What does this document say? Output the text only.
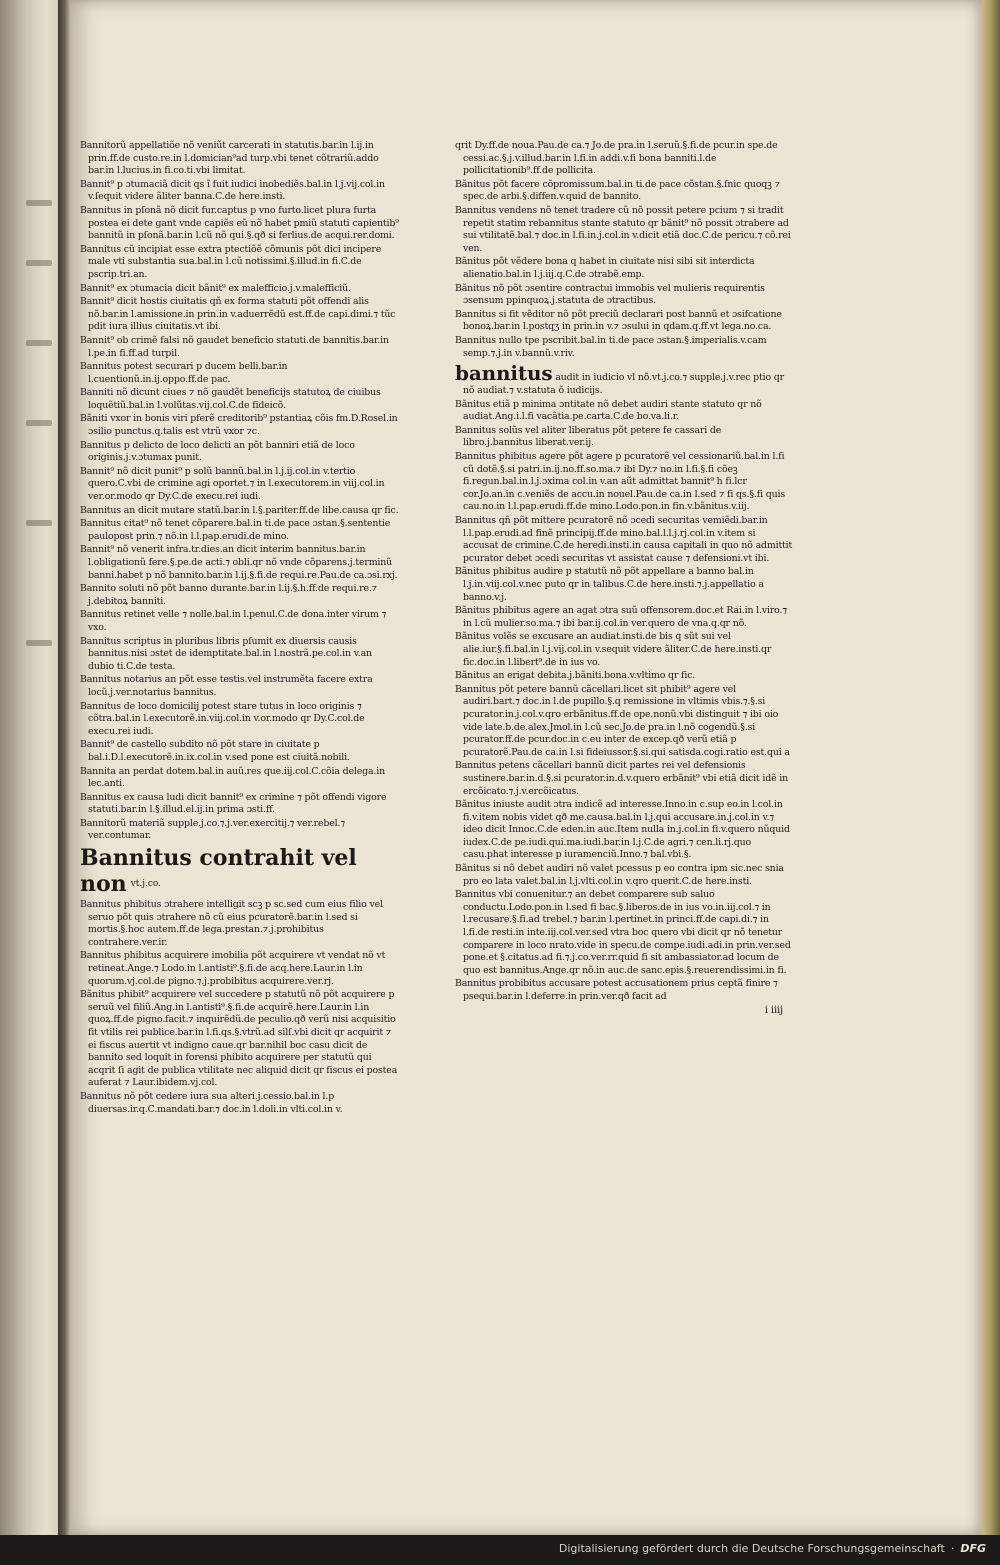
Bannitorũ appellatiõe nõ veniũt carcerati in statutis.bar.in l.ij.in prin.ff.de custo.re.in l.domician⁹ad turp.vbi tenet cõtrariũ.addo bar.in l.lucius.in fi.co.ti.vbi limitat.

Bannit⁹ p ɔtumaciã dicit qs ĩ fuit iudici inobediẽs.bal.in l.j.vij.col.in v.ſequit videre ãliter banna.C.de here.insti.

Bannitus in pſonã nõ dicit fur.captus p vno furto.licet plura furta postea ei dete gant vnde capiẽs eũ nõ habet pmiũ statuti capientib⁹ bannitũ in pſonã.bar.in l.cũ nõ qui.§.qð si ferlius.de acqui.rer.domi.

Bannitus cũ incipiat esse extra ptectiõẽ cõmunis põt dici incipere male vti substantia sua.bal.in l.cũ notissimi.§.illud.in fi.C.de pscrip.tri.an.

Bannit⁹ ex ɔtumacia dicit bãnit⁹ ex malefficio.j.v.malefficiũ.

Bannit⁹ dicit hostis ciuitatis qñ ex forma statuti põt offendi alis nõ.bar.in l.amissione.in prin.in v.aduerrẽdũ est.ff.de capi.dimi.⁊ tũc pdit iura illius ciuitatis.vt ibi.

Bannit⁹ ob crimẽ falsi nõ gaudet beneficio statuti.de bannitis.bar.in l.pe.in fi.ff.ad turpil.

Bannitus potest securari p ducem belli.bar.in l.cuentionũ.in.ij.oppo.ff.de pac.

Banniti nõ dicunt ciues ⁊ nõ gaudẽt beneficijs statutoꝝ de ciuibus loquẽtiũ.bal.in l.volũtas.vij.col.C.de fideicõ.

Bãniti vxor in bonis viri pferẽ creditorib⁹ pstantiaꝝ cõis fm.D.Rosel.in ɔsilio punctus.q.talis est vtrũ vxor ⁊c.

Bannitus p delicto de loco delicti an põt banniri etiã de loco originis.j.v.ɔtumax punit.

Bannit⁹ nõ dicit punit⁹ p solũ bannũ.bal.in l.j.ij.col.in v.tertio quero.C.vbi de crimine agi oportet.⁊ in l.executorem.in viij.col.in ver.or.modo qr Dy.C.de execu.rei iudi.

Bannitus an dicit mutare statũ.bar.in l.§.pariter.ff.de libe.causa qr fic.

Bannitus citat⁹ nõ tenet cõparere.bal.in ti.de pace ɔstan.§.sententie paulopost prin.⁊ nõ.in l.l.pap.erudi.de mino.

Bannit⁹ nõ venerit infra.tr.dies.an dicit interim bannitus.bar.in l.obligationũ fere.§.pe.de acti.⁊ obli.qr nõ vnde cõparens.j.terminũ banni.habet p nõ bannito.bar.in l.ij.§.fi.de requi.re.Pau.de ca.ɔsi.rxj.

Bannito soluti nõ põt banno durante.bar.in l.ij.§.h.ff.de requi.re.⁊ j.debitoꝝ banniti.

Bannitus retinet velle ⁊ nolle.bal.in l.penul.C.de dona.inter virum ⁊ vxo.

Bannitus scriptus in pluribus libris pſumit ex diuersis causis bannitus.nisi ɔstet de idemptitate.bal.in l.nostrã.pe.col.in v.an dubio ti.C.de testa.

Bannitus notarius an põt esse testis.vel instrumẽta facere extra locũ.j.ver.notarius bannitus.

Bannitus de loco domicilij potest stare tutus in loco originis ⁊ cõtra.bal.in l.executorẽ.in.viij.col.in v.or.modo qr Dy.C.col.de execu.rei iudi.

Bannit⁹ de castello subdito nõ põt stare in ciuitate p bal.i.D.l.executorẽ.in.ix.col.in v.sed pone est ciuitã.nobili.

Bannita an perdat dotem.bal.in auũ.res que.iij.col.C.cõia delega.in lec.anti.

Bannitus ex causa ludi dicit bannit⁹ ex crimine ⁊ põt offendi vigore statuti.bar.in l.§.illud.el.ij.in prima ɔsti.ff.

Bannitorũ materiã supple.j.co.⁊.j.ver.exercitij.⁊ ver.rebel.⁊ ver.contumar.

Bannitus contrahit vel non $^{vt.j.co.}$

Bannitus phibitus ɔtrahere intelligit scꝫ p sc.sed cum eius filio vel seruo põt quis ɔtrahere nõ cũ eius pcuratorẽ.bar.in l.sed si mortis.§.hoc autem.ff.de lega.prestan.⁊.j.prohibitus contrahere.ver.ir.

Bannitus phibitus acquirere imobilia põt acquirere vt vendat nõ vt retineat.Ange.⁊ Lodo.in l.antisti⁹.§.fi.de acq.here.Laur.in l.in quorum.vj.col.de pigno.⁊.j.probibitus acquirere.ver.rj.

Bãnitus phibit⁹ acquirere vel succedere p statutũ nõ põt acquirere p seruũ vel filiũ.Ang.in l.antisti⁹.§.fi.de acquirẽ.here.Laur.in l.in quoꝝ.ff.de pigno.facit.⁊ inquirẽdũ.de peculio.qð verũ nisi acquisitio fit vtilis rei publice.bar.in l.fi.qs.§.vtrũ.ad silſ.vbi dicit qr acquirit ⁊ ei fiscus auertit vt indigno caue.qr bar.nihil boc casu dicit de bannito sed loquit in forensi phibito acquirere per statutũ qui acqrit ſi agit de publica vtilitate nec aliquid dicit qr fiscus ei postea auferat ⁊ Laur.ibidem.vj.col.

Bannitus nõ põt cedere iura sua alteri.j.cessio.bal.in l.p diuersas.ir.q.C.mandati.bar.⁊ doc.in l.doli.in vlti.col.in v.

qrit Dy.ff.de noua.Pau.de ca.⁊ Jo.de pra.in l.seruũ.§.fi.de pcur.in spe.de cessi.ac.§.j.v.illud.bar.in l.fi.in addi.v.fi bona banniti.l.de pollicitationib⁹.ff.de pollicita.

Bãnitus põt facere cõpromissum.bal.in ti.de pace cõstan.§.ſnic quoqꝫ ⁊ spec.de arbi.§.diffen.v.quid de bannito.

Bannitus vendens nõ tenet tradere cũ nõ possit petere pcium ⁊ si tradit repetit statim rebannitus stante statuto qr bãnit⁹ nõ possit ɔtrabere ad sui vtilitatẽ.bal.⁊ doc.in l.fi.in.j.col.in v.dicit etiã doc.C.de pericu.⁊ cõ.rei ven.

Bãnitus põt vẽdere bona q habet in ciuitate nisi sibi sit interdicta alienatio.bal.in l.j.iij.q.C.de ɔtrabẽ.emp.

Bãnitus nõ põt ɔsentire contractui immobis vel mulieris requirentis ɔsensum ppinquoꝝ.j.statuta de ɔtractibus.

Bannitus si fit vẽditor nõ põt preciũ declarari post bannũ et ɔsifcatione bonoꝝ.bar.in l.postqʒ in prin.in v.⁊ ɔsului in qdam.q.ff.vt lega.no.ca.

Bannitus nullo tpe pscribit.bal.in ti.de pace ɔstan.§.imperialis.v.cam semp.⁊.j.in v.bannũ.v.riv.

bannitus audit in iudicio vl nõ.vt.j.co.⁊ supple.j.v.rec ptio qr nõ audiat.⁊ v.statuta õ iudicijs.

Bãnitus etiã p minima ɔntitate nõ debet audiri stante statuto qr nõ audiat.Ang.i.l.fi vacãtia.pe.carta.C.de bo.va.li.r.

Bannitus solũs vel aliter liberatus põt petere fe cassari de libro.j.bannitus liberat.ver.ij.

Bannitus phibitus agere põt agere p pcuratorẽ vel cessionariũ.bal.in l.fi cũ dotẽ.§.si patri.in.ij.no.ff.so.ma.⁊ ibi Dy.⁊ no.in l.fi.§.fi cõeꝫ fi.regun.bal.in.l.j.ɔxima col.in v.an aũt admittat bannit⁹ h fi.lcr cor.Jo.an.in c.veniẽs de accu.in nouel.Pau.de ca.in l.sed ⁊ fi qs.§.fi quis cau.no.in l.l.pap.erudi.ff.de mino.Lodo.pon.in fin.v.bãnitus.v.iij.

Bannitus qñ põt mittere pcuratorẽ nõ ɔcedi securitas vemiẽdi.bar.in l.l.pap.erudi.ad finẽ principij.ff.de mino.bal.l.l.j.rj.col.in v.item si accusat de crimine.C.de heredi.insti.in causa capitali in quo nõ admittit pcurator debet ɔcedi securitas vt assistat cause ⁊ defensioni.vt ibi.

Bãnitus phibitus audire p statutũ nõ põt appellare a banno bal.in l.j.in.viij.col.v.nec puto qr in talibus.C.de here.insti.⁊.j.appellatio a banno.v.j.

Bãnitus phibitus agere an agat ɔtra suũ offensorem.doc.et Rai.in l.viro.⁊ in l.cũ mulier.so.ma.⁊ ibi bar.ij.col.in ver.quero de vna.q.qr nõ.

Bãnitus volẽs se excusare an audiat.insti.de bis q sũt sui vel alie.iur.§.fi.bal.in l.j.vij.col.in v.sequit videre ãliter.C.de here.insti.qr fic.doc.in l.libert⁹.de in ius vo.

Bãnitus an erigat debita.j.bãniti.bona.v.vltimo qr fic.

Bannitus põt petere bannũ cãcellari.licet sit phibit⁹ agere vel audiri.bart.⁊ doc.in l.de pupillo.§.q remissione in vltimis vbis.⁊.§.si pcurator.in.j.col.v.qro erbãnitus.ff.de ope.nonũ.vbi distinguit ⁊ ibi oio vide late.b.de.alex.Jmol.in l.cũ sec.Jo.de pra.in l.nõ cogendũ.§.si pcurator.ff.de pcur.doc.in c.eu inter de excep.qð verũ etiã p pcuratorẽ.Pau.de ca.in l.si fideiussor.§.si.qui satisda.cogi.ratio est.qui a

Bannitus petens cãcellari bannũ dicit partes rei vel defensionis sustinere.bar.in.d.§.si pcurator.in.d.v.quero erbãnit⁹ vbi etiã dicit idẽ in ercõicato.⁊.j.v.ercõicatus.

Bãnitus iniuste audit ɔtra indicẽ ad interesse.Inno.in c.sup eo.in l.col.in fi.v.item nobis videt qð me.causa.bal.in l.j.qui accusare.in.j.col.in v.⁊ ideo dicit Innoc.C.de eden.in auc.Item nulla in.j.col.in fi.v.quero nũquid iudex.C.de pe.iudi.qui.ma.iudi.bar.in l.j.C.de agri.⁊ cen.li.rj.quo casu.phat interesse p iuramenciũ.Inno.⁊ bal.vbi.§.

Bãnitus si nõ debet audiri nõ valet pcessus p eo contra ipm sic.nec snia pro eo lata valet.bal.in l.j.vlti.col.in v.qro querit.C.de here.insti.

Bannitus vbi conuenitur.⁊ an debet comparere sub saluo conductu.Lodo.pon.in l.sed fi bac.§.liberos.de in ius vo.in.iij.col.⁊ in l.recusare.§.fi.ad trebel.⁊ bar.in l.pertinet.in princi.ff.de capi.di.⁊ in l.fi.de resti.in inte.iij.col.ver.sed vtra boc quero vbi dicit qr nõ tenetur comparere in loco nrato.vide in specu.de compe.iudi.adi.in prin.ver.sed pone.et §.citatus.ad fi.⁊.j.co.ver.rr.quid fi sit ambassiator.ad locum de quo est bannitus.Ange.qr nõ.in auc.de sanc.epis.§.reuerendissimi.in fi.

Bannitus probibitus accusare potest accusationem prius ceptã finire ⁊ psequi.bar.in l.deferre.in prin.ver.qð facit ad

i iiij

Digitalisierung gefördert durch die Deutsche Forschungsgemeinschaft · DFG
